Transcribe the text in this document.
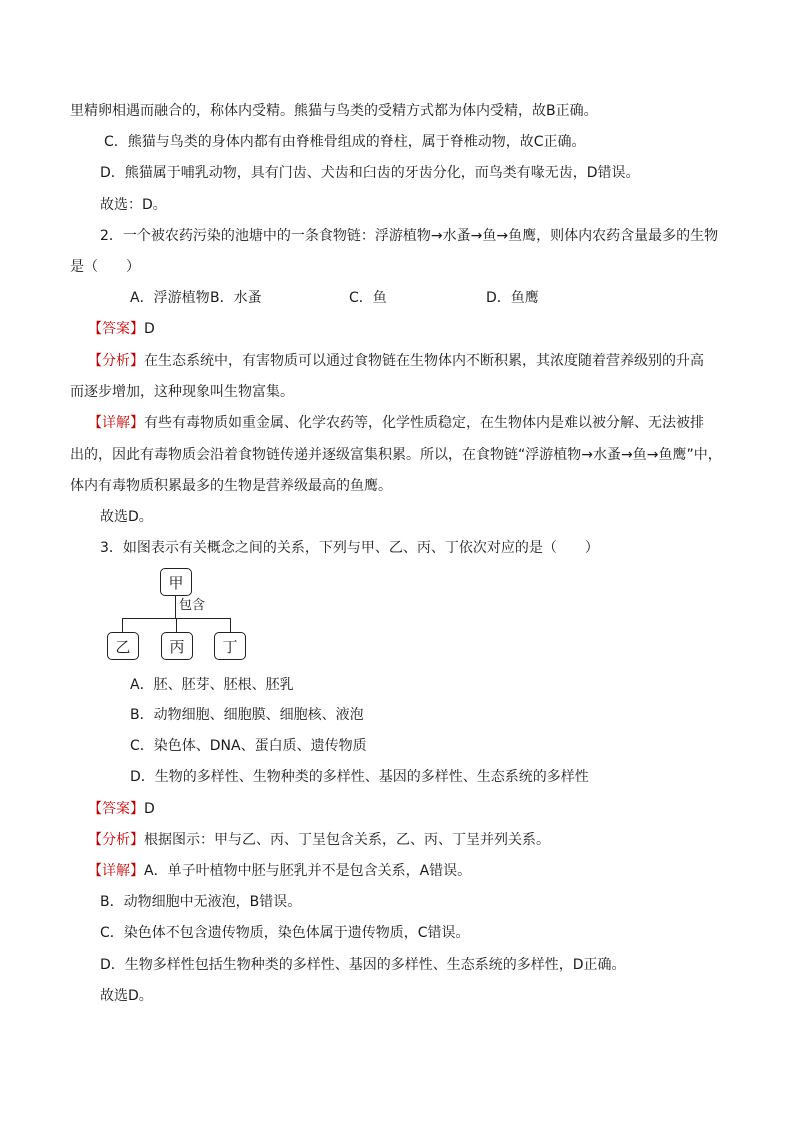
里精卵相遇而融合的，称体内受精。熊猫与鸟类的受精方式都为体内受精，故B正确。
C．熊猫与鸟类的身体内都有由脊椎骨组成的脊柱，属于脊椎动物，故C正确。
D．熊猫属于哺乳动物，具有门齿、犬齿和臼齿的牙齿分化，而鸟类有喙无齿，D错误。
故选：D。
2．一个被农药污染的池塘中的一条食物链：浮游植物→水蚤→鱼→鱼鹰，则体内农药含量最多的生物
是（　　）
A．浮游植物 B．水蚤	C．鱼	D．鱼鹰
【答案】D
【分析】在生态系统中，有害物质可以通过食物链在生物体内不断积累，其浓度随着营养级别的升高
而逐步增加，这种现象叫生物富集。
【详解】有些有毒物质如重金属、化学农药等，化学性质稳定，在生物体内是难以被分解、无法被排
出的，因此有毒物质会沿着食物链传递并逐级富集积累。所以，在食物链“浮游植物→水蚤→鱼→鱼鹰”中，
体内有毒物质积累最多的生物是营养级最高的鱼鹰。
故选D。
3．如图表示有关概念之间的关系，下列与甲、乙、丙、丁依次对应的是（　　）
甲
包含
乙	丙	丁
A．胚、胚芽、胚根、胚乳
B．动物细胞、细胞膜、细胞核、液泡
C．染色体、DNA、蛋白质、遗传物质
D．生物的多样性、生物种类的多样性、基因的多样性、生态系统的多样性
【答案】D
【分析】根据图示：甲与乙、丙、丁呈包含关系，乙、丙、丁呈并列关系。
【详解】A．单子叶植物中胚与胚乳并不是包含关系，A错误。
B．动物细胞中无液泡，B错误。
C．染色体不包含遗传物质，染色体属于遗传物质，C错误。
D．生物多样性包括生物种类的多样性、基因的多样性、生态系统的多样性，D正确。
故选D。
